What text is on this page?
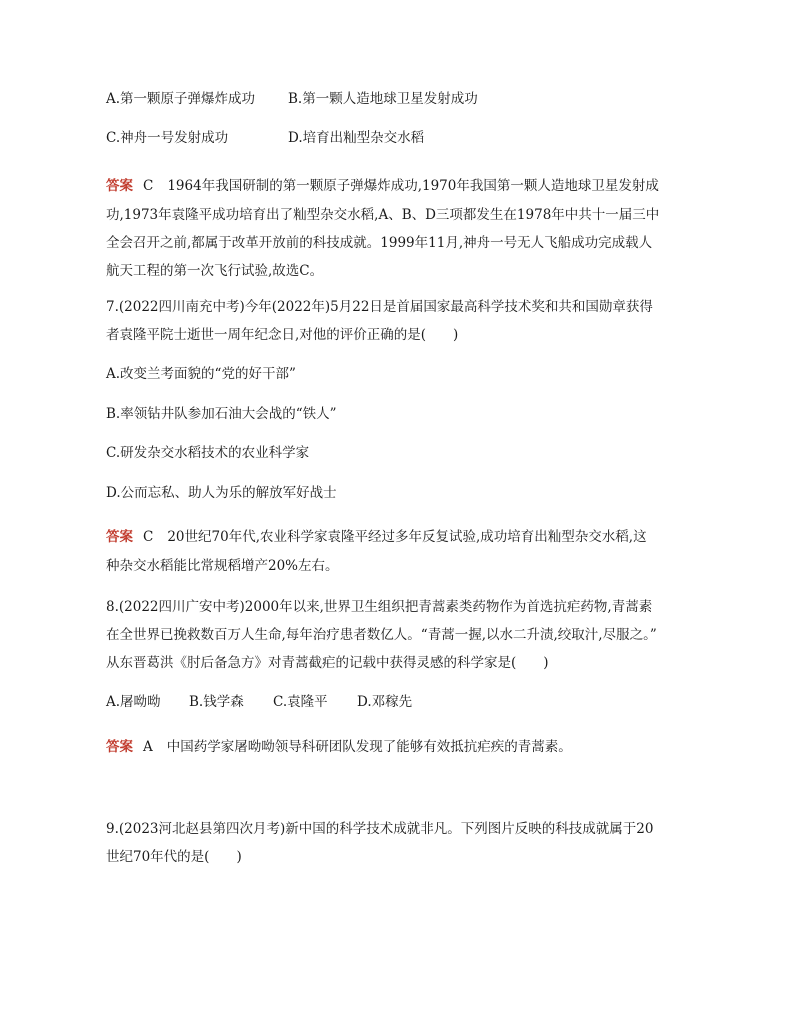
A.第一颗原子弹爆炸成功 B.第一颗人造地球卫星发射成功
C.神舟一号发射成功	D.培育出籼型杂交水稻
答案 C 1964年我国研制的第一颗原子弹爆炸成功,1970年我国第一颗人造地球卫星发射成
功,1973年袁隆平成功培育出了籼型杂交水稻,A、B、D三项都发生在1978年中共十一届三中
全会召开之前,都属于改革开放前的科技成就。1999年11月,神舟一号无人飞船成功完成载人
航天工程的第一次飞行试验,故选C。
7.(2022四川南充中考)今年(2022年)5月22日是首届国家最高科学技术奖和共和国勋章获得
者袁隆平院士逝世一周年纪念日,对他的评价正确的是(　　)
A.改变兰考面貌的“党的好干部”
B.率领钻井队参加石油大会战的“铁人”
C.研发杂交水稻技术的农业科学家
D.公而忘私、助人为乐的解放军好战士
答案 C 20世纪70年代,农业科学家袁隆平经过多年反复试验,成功培育出籼型杂交水稻,这
种杂交水稻能比常规稻增产20%左右。
8.(2022四川广安中考)2000年以来,世界卫生组织把青蒿素类药物作为首选抗疟药物,青蒿素
在全世界已挽救数百万人生命,每年治疗患者数亿人。“青蒿一握,以水二升渍,绞取汁,尽服之。”
从东晋葛洪《肘后备急方》对青蒿截疟的记载中获得灵感的科学家是(　　)
A.屠呦呦 B.钱学森 C.袁隆平 D.邓稼先
答案 A 中国药学家屠呦呦领导科研团队发现了能够有效抵抗疟疾的青蒿素。
9.(2023河北赵县第四次月考)新中国的科学技术成就非凡。下列图片反映的科技成就属于20
世纪70年代的是(　　)
